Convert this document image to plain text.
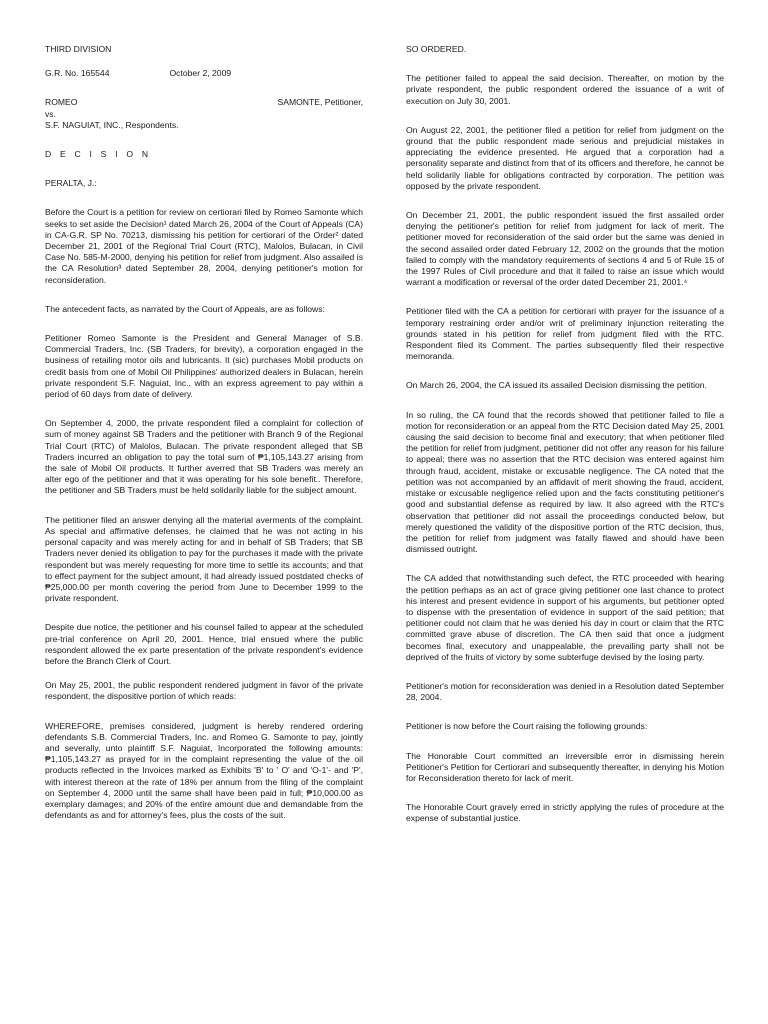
THIRD DIVISION

G.R. No. 165544	October 2, 2009
ROMEO	SAMONTE, Petitioner,

vs.

S.F. NAGUIAT, INC., Respondents.

D E C I S I O N

PERALTA, J.:

Before the Court is a petition for review on certiorari filed by Romeo Samonte which seeks to set aside the Decision¹ dated March 26, 2004 of the Court of Appeals (CA) in CA-G.R. SP No. 70213, dismissing his petition for certiorari of the Order² dated December 21, 2001 of the Regional Trial Court (RTC), Malolos, Bulacan, in Civil Case No. 585-M-2000, denying his petition for relief from judgment. Also assailed is the CA Resolution³ dated September 28, 2004, denying petitioner's motion for reconsideration.

The antecedent facts, as narrated by the Court of Appeals, are as follows:

Petitioner Romeo Samonte is the President and General Manager of S.B. Commercial Traders, Inc. (SB Traders, for brevity), a corporation engaged in the business of retailing motor oils and lubricants. It (sic) purchases Mobil products on credit basis from one of Mobil Oil Philippines' authorized dealers in Bulacan, herein private respondent S.F. Naguiat, Inc., with an express agreement to pay within a period of 60 days from date of delivery.

On September 4, 2000, the private respondent filed a complaint for collection of sum of money against SB Traders and the petitioner with Branch 9 of the Regional Trial Court (RTC) of Malolos, Bulacan. The private respondent alleged that SB Traders incurred an obligation to pay the total sum of ₱1,105,143.27 arising from the sale of Mobil Oil products. It further averred that SB Traders was merely an alter ego of the petitioner and that it was operating for his sole benefit.. Therefore, the petitioner and SB Traders must be held solidarily liable for the subject amount.

The petitioner filed an answer denying all the material averments of the complaint. As special and affirmative defenses, he claimed that he was not acting in his personal capacity and was merely acting for and in behalf of SB Traders; that SB Traders never denied its obligation to pay for the purchases it made with the private respondent but was merely requesting for more time to settle its accounts; and that to effect payment for the subject amount, it had already issued postdated checks of ₱25,000.00 per month covering the period from June to December 1999 to the private respondent.

Despite due notice, the petitioner and his counsel failed to appear at the scheduled pre-trial conference on April 20, 2001. Hence, trial ensued where the public respondent allowed the ex parte presentation of the private respondent's evidence before the Branch Clerk of Court.

On May 25, 2001, the public respondent rendered judgment in favor of the private respondent, the dispositive portion of which reads:

WHEREFORE, premises considered, judgment is hereby rendered ordering defendants S.B. Commercial Traders, Inc. and Romeo G. Samonte to pay, jointly and severally, unto plaintiff S.F. Naguiat, Incorporated the following amounts: ₱1,105,143.27 as prayed for in the complaint representing the value of the oil products reflected in the Invoices marked as Exhibits 'B' to ' O' and 'O-1'- and 'P', with interest thereon at the rate of 18% per annum from the filing of the complaint on September 4, 2000 until the same shall have been paid in full; ₱10,000.00 as exemplary damages; and 20% of the entire amount due and demandable from the defendants as and for attorney's fees, plus the costs of the suit.

SO ORDERED.

The petitioner failed to appeal the said decision. Thereafter, on motion by the private respondent, the public respondent ordered the issuance of a writ of execution on July 30, 2001.

On August 22, 2001, the petitioner filed a petition for relief from judgment on the ground that the public respondent made serious and prejudicial mistakes in appreciating the evidence presented. He argued that a corporation had a personality separate and distinct from that of its officers and therefore, he cannot be held solidarily liable for obligations contracted by corporation. The petition was opposed by the private respondent.

On December 21, 2001, the public respondent issued the first assailed order denying the petitioner's petition for relief from judgment for lack of merit. The petitioner moved for reconsideration of the said order but the same was denied in the second assailed order dated February 12, 2002 on the grounds that the motion failed to comply with the mandatory requirements of sections 4 and 5 of Rule 15 of the 1997 Rules of Civil procedure and that it failed to raise an issue which would warrant a modification or reversal of the order dated December 21, 2001.⁴

Petitioner filed with the CA a petition for certiorari with prayer for the issuance of a temporary restraining order and/or writ of preliminary injunction reiterating the grounds stated in his petition for relief from judgment filed with the RTC. Respondent filed its Comment. The parties subsequently filed their respective memoranda.

On March 26, 2004, the CA issued its assailed Decision dismissing the petition.

In so ruling, the CA found that the records showed that petitioner failed to file a motion for reconsideration or an appeal from the RTC Decision dated May 25, 2001 causing the said decision to become final and executory; that when petitioner filed the petition for relief from judgment, petitioner did not offer any reason for his failure to appeal; there was no assertion that the RTC decision was entered against him through fraud, accident, mistake or excusable negligence. The CA noted that the petition was not accompanied by an affidavit of merit showing the fraud, accident, mistake or excusable negligence relied upon and the facts constituting petitioner's good and substantial defense as required by law. It also agreed with the RTC's observation that petitioner did not assail the proceedings conducted below, but merely questioned the validity of the dispositive portion of the RTC decision, thus, the petition for relief from judgment was fatally flawed and should have been dismissed outright.

The CA added that notwithstanding such defect, the RTC proceeded with hearing the petition perhaps as an act of grace giving petitioner one last chance to protect his interest and present evidence in support of his arguments, but petitioner opted to dispense with the presentation of evidence in support of the said petition; that petitioner could not claim that he was denied his day in court or claim that the RTC committed grave abuse of discretion. The CA then said that once a judgment becomes final, executory and unappealable, the prevailing party shall not be deprived of the fruits of victory by some subterfuge devised by the losing party.

Petitioner's motion for reconsideration was denied in a Resolution dated September 28, 2004.

Petitioner is now before the Court raising the following grounds:

The Honorable Court committed an irreversible error in dismissing herein Petitioner's Petition for Certiorari and subsequently thereafter, in denying his Motion for Reconsideration thereto for lack of merit.

The Honorable Court gravely erred in strictly applying the rules of procedure at the expense of substantial justice.
